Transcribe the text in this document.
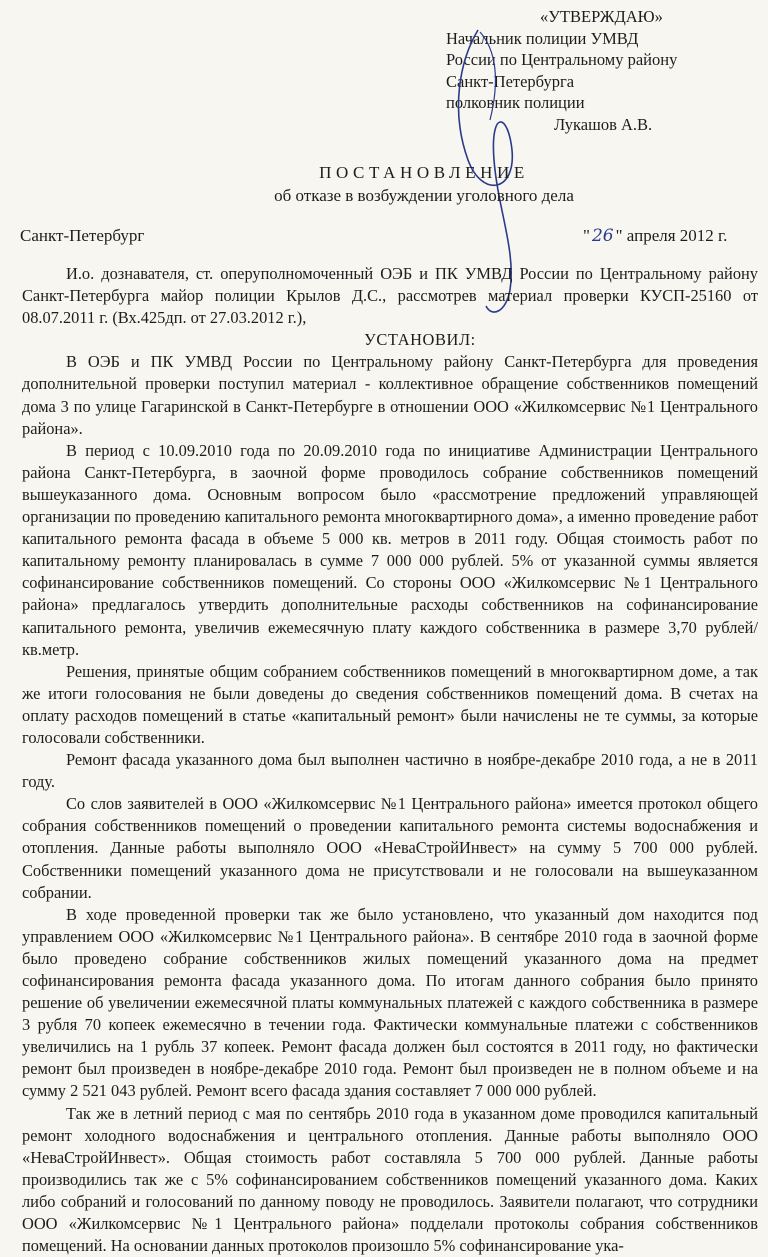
«УТВЕРЖДАЮ»
Начальник полиции УМВД
России по Центральному району
Санкт-Петербурга
полковник полиции
Лукашов А.В.
ПОСТАНОВЛЕНИЕ
об отказе в возбуждении уголовного дела
Санкт-Петербург	" 26 " апреля 2012 г.

И.о. дознавателя, ст. оперуполномоченный ОЭБ и ПК УМВД России по Центральному району Санкт-Петербурга майор полиции Крылов Д.С., рассмотрев материал проверки КУСП-25160 от 08.07.2011 г. (Вх.425дп. от 27.03.2012 г.),

УСТАНОВИЛ:

В ОЭБ и ПК УМВД России по Центральному району Санкт-Петербурга для проведения дополнительной проверки поступил материал - коллективное обращение собственников помещений дома 3 по улице Гагаринской в Санкт-Петербурге в отношении ООО «Жилкомсервис №1 Центрального района».

В период с 10.09.2010 года по 20.09.2010 года по инициативе Администрации Центрального района Санкт-Петербурга, в заочной форме проводилось собрание собственников помещений вышеуказанного дома. Основным вопросом было «рассмотрение предложений управляющей организации по проведению капитального ремонта многоквартирного дома», а именно проведение работ капитального ремонта фасада в объеме 5 000 кв. метров в 2011 году. Общая стоимость работ по капитальному ремонту планировалась в сумме 7 000 000 рублей. 5% от указанной суммы является софинансирование собственников помещений. Со стороны ООО «Жилкомсервис №1 Центрального района» предлагалось утвердить дополнительные расходы собственников на софинансирование капитального ремонта, увеличив ежемесячную плату каждого собственника в размере 3,70 рублей/кв.метр.

Решения, принятые общим собранием собственников помещений в многоквартирном доме, а так же итоги голосования не были доведены до сведения собственников помещений дома. В счетах на оплату расходов помещений в статье «капитальный ремонт» были начислены не те суммы, за которые голосовали собственники.

Ремонт фасада указанного дома был выполнен частично в ноябре-декабре 2010 года, а не в 2011 году.

Со слов заявителей в ООО «Жилкомсервис №1 Центрального района» имеется протокол общего собрания собственников помещений о проведении капитального ремонта системы водоснабжения и отопления. Данные работы выполняло ООО «НеваСтройИнвест» на сумму 5 700 000 рублей. Собственники помещений указанного дома не присутствовали и не голосовали на вышеуказанном собрании.

В ходе проведенной проверки так же было установлено, что указанный дом находится под управлением ООО «Жилкомсервис №1 Центрального района». В сентябре 2010 года в заочной форме было проведено собрание собственников жилых помещений указанного дома на предмет софинансирования ремонта фасада указанного дома. По итогам данного собрания было принято решение об увеличении ежемесячной платы коммунальных платежей с каждого собственника в размере 3 рубля 70 копеек ежемесячно в течении года. Фактически коммунальные платежи с собственников увеличились на 1 рубль 37 копеек. Ремонт фасада должен был состоятся в 2011 году, но фактически ремонт был произведен в ноябре-декабре 2010 года. Ремонт был произведен не в полном объеме и на сумму 2 521 043 рублей. Ремонт всего фасада здания составляет 7 000 000 рублей.

Так же в летний период с мая по сентябрь 2010 года в указанном доме проводился капитальный ремонт холодного водоснабжения и центрального отопления. Данные работы выполняло ООО «НеваСтройИнвест». Общая стоимость работ составляла 5 700 000 рублей. Данные работы производились так же с 5% софинансированием собственников помещений указанного дома. Каких либо собраний и голосований по данному поводу не проводилось. Заявители полагают, что сотрудники ООО «Жилкомсервис №1 Центрального района» подделали протоколы собрания собственников помещений. На основании данных протоколов произошло 5% софинансирование ука-
